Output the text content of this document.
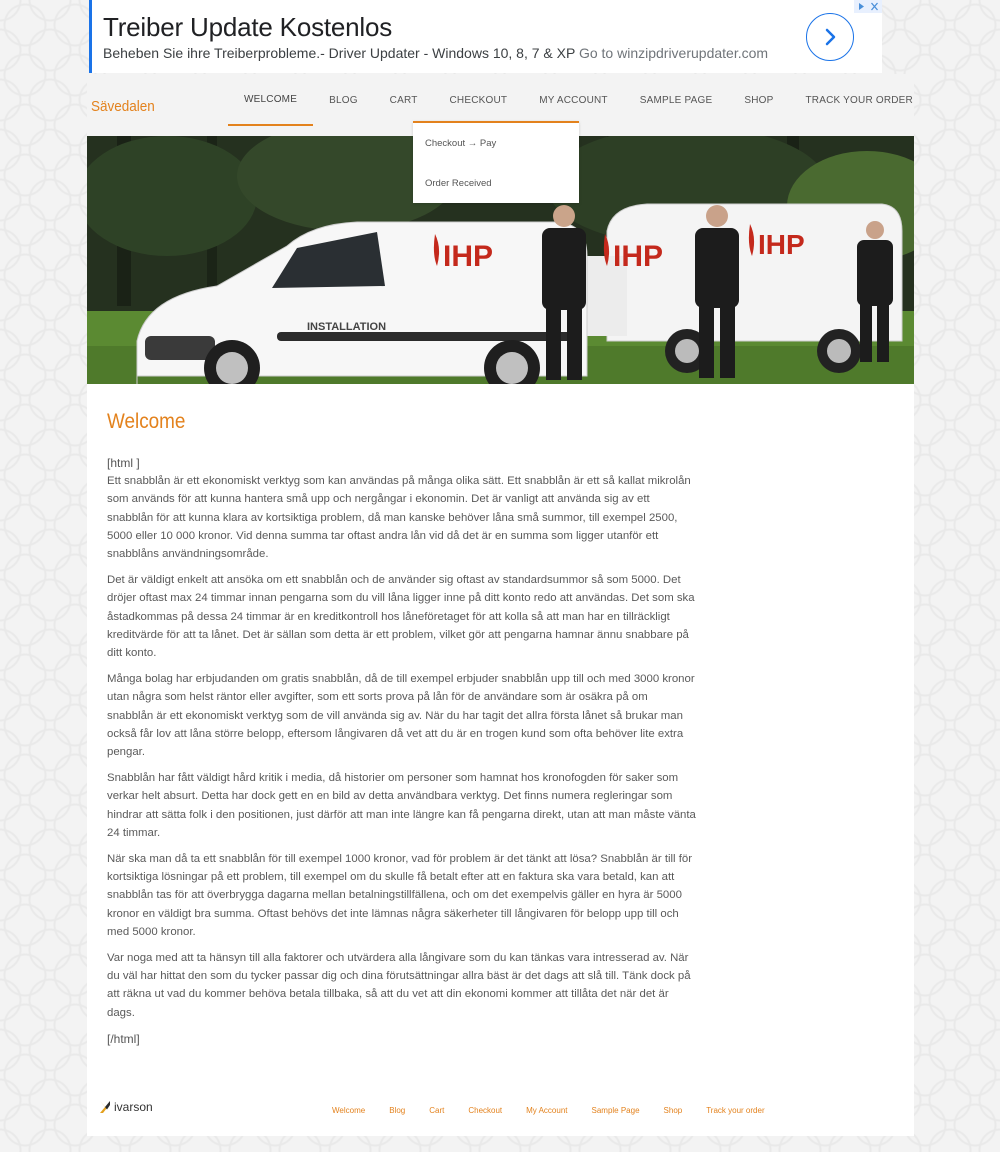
Treiber Update Kostenlos
Beheben Sie ihre Treiberprobleme.- Driver Updater - Windows 10, 8, 7 & XP Go to winzipdriverupdater.com
Sävedalen	WELCOME	BLOG	CART	CHECKOUT	MY ACCOUNT	SAMPLE PAGE	SHOP	TRACK YOUR ORDER
Checkout → Pay
Order Received
INSTALLATION
IHP	IHP	IHP
Welcome

[html ]

Ett snabblån är ett ekonomiskt verktyg som kan användas på många olika sätt. Ett snabblån är ett så kallat mikrolån som används för att kunna hantera små upp och nergångar i ekonomin. Det är vanligt att använda sig av ett snabblån för att kunna klara av kortsiktiga problem, då man kanske behöver låna små summor, till exempel 2500, 5000 eller 10 000 kronor. Vid denna summa tar oftast andra lån vid då det är en summa som ligger utanför ett snabblåns användningsområde.

Det är väldigt enkelt att ansöka om ett snabblån och de använder sig oftast av standardsummor så som 5000. Det dröjer oftast max 24 timmar innan pengarna som du vill låna ligger inne på ditt konto redo att användas. Det som ska åstadkommas på dessa 24 timmar är en kreditkontroll hos låneföretaget för att kolla så att man har en tillräckligt kreditvärde för att ta lånet. Det är sällan som detta är ett problem, vilket gör att pengarna hamnar ännu snabbare på ditt konto.

Många bolag har erbjudanden om gratis snabblån, då de till exempel erbjuder snabblån upp till och med 3000 kronor utan några som helst räntor eller avgifter, som ett sorts prova på lån för de användare som är osäkra på om snabblån är ett ekonomiskt verktyg som de vill använda sig av. När du har tagit det allra första lånet så brukar man också får lov att låna större belopp, eftersom långivaren då vet att du är en trogen kund som ofta behöver lite extra pengar.

Snabblån har fått väldigt hård kritik i media, då historier om personer som hamnat hos kronofogden för saker som verkar helt absurt. Detta har dock gett en en bild av detta användbara verktyg. Det finns numera regleringar som hindrar att sätta folk i den positionen, just därför att man inte längre kan få pengarna direkt, utan att man måste vänta 24 timmar.

När ska man då ta ett snabblån för till exempel 1000 kronor, vad för problem är det tänkt att lösa? Snabblån är till för kortsiktiga lösningar på ett problem, till exempel om du skulle få betalt efter att en faktura ska vara betald, kan att snabblån tas för att överbrygga dagarna mellan betalningstillfällena, och om det exempelvis gäller en hyra är 5000 kronor en väldigt bra summa. Oftast behövs det inte lämnas några säkerheter till långivaren för belopp upp till och med 5000 kronor.

Var noga med att ta hänsyn till alla faktorer och utvärdera alla långivare som du kan tänkas vara intresserad av. När du väl har hittat den som du tycker passar dig och dina förutsättningar allra bäst är det dags att slå till. Tänk dock på att räkna ut vad du kommer behöva betala tillbaka, så att du vet att din ekonomi kommer att tillåta det när det är dags.

[/html]

ivarson	Welcome	Blog	Cart	Checkout	My Account	Sample Page	Shop	Track your order
